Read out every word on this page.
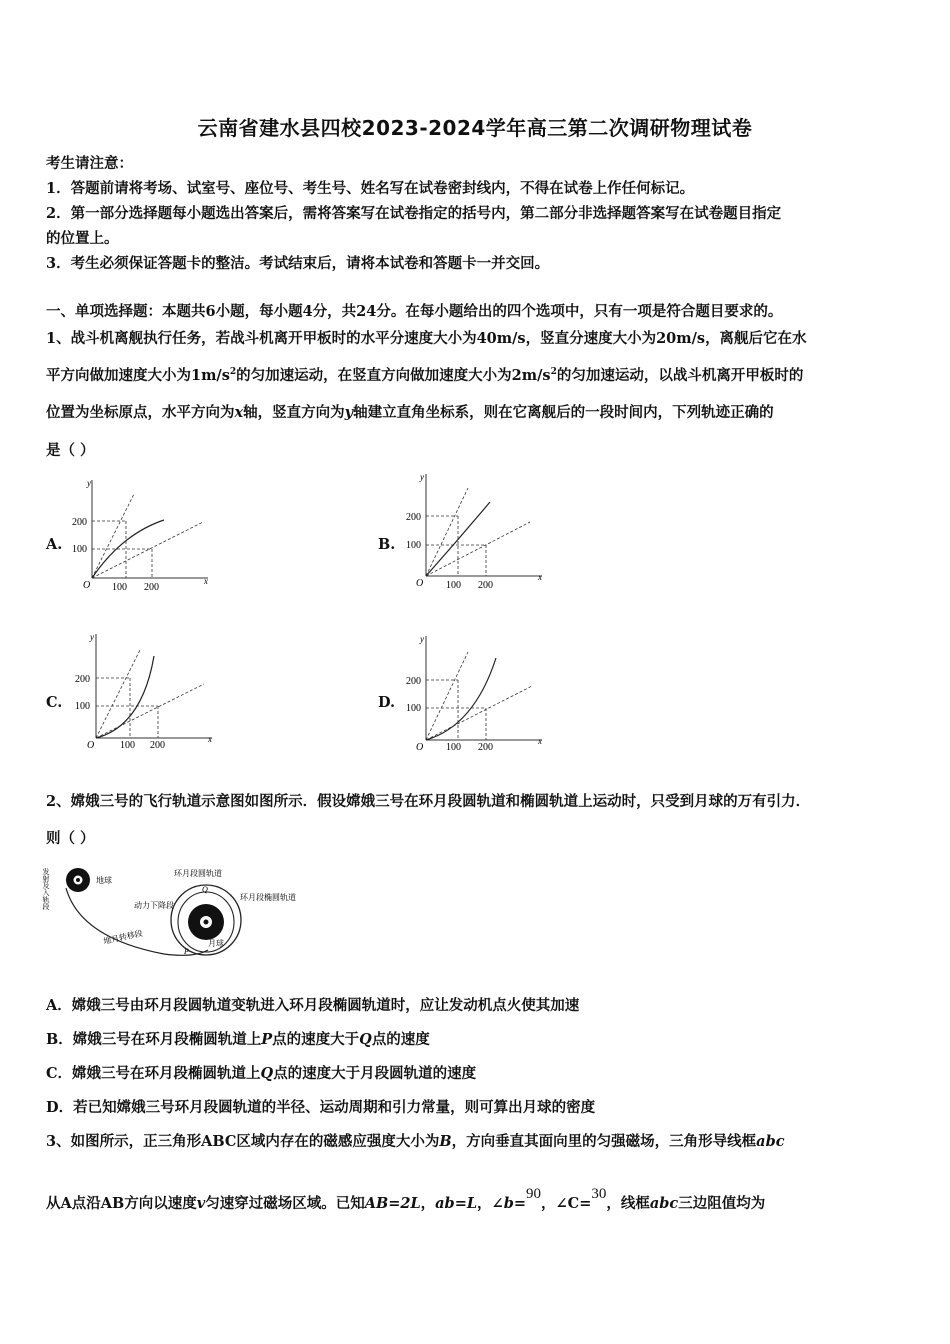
云南省建水县四校2023-2024学年高三第二次调研物理试卷
考生请注意：
1．答题前请将考场、试室号、座位号、考生号、姓名写在试卷密封线内，不得在试卷上作任何标记。
2．第一部分选择题每小题选出答案后，需将答案写在试卷指定的括号内，第二部分非选择题答案写在试卷题目指定
的位置上。
3．考生必须保证答题卡的整洁。考试结束后，请将本试卷和答题卡一并交回。
一、单项选择题：本题共6小题，每小题4分，共24分。在每小题给出的四个选项中，只有一项是符合题目要求的。
1、战斗机离舰执行任务，若战斗机离开甲板时的水平分速度大小为40m/s，竖直分速度大小为20m/s，离舰后它在水
平方向做加速度大小为$1m/s^2$的匀加速运动，在竖直方向做加速度大小为$2m/s^2$的匀加速运动，以战斗机离开甲板时的
位置为坐标原点，水平方向为x轴，竖直方向为y轴建立直角坐标系，则在它离舰后的一段时间内，下列轨迹正确的
是（ ）
A.	B.
C.	D.
y
x
O
200
100
100 200
y
x
O
200
100
100 200
y
x
O
200
100
100 200
y
x
O
200
100
100 200
2、嫦娥三号的飞行轨道示意图如图所示．假设嫦娥三号在环月段圆轨道和椭圆轨道上运动时，只受到月球的万有引力．
则（ ）
发射及入轨段	地球
地月转移段
环月段圆轨道
环月段椭圆轨道
动力下降段
月球
Q
P
A．嫦娥三号由环月段圆轨道变轨进入环月段椭圆轨道时，应让发动机点火使其加速
B．嫦娥三号在环月段椭圆轨道上P点的速度大于Q点的速度
C．嫦娥三号在环月段椭圆轨道上Q点的速度大于月段圆轨道的速度
D．若已知嫦娥三号环月段圆轨道的半径、运动周期和引力常量，则可算出月球的密度
3、如图所示，正三角形ABC区域内存在的磁感应强度大小为B，方向垂直其面向里的匀强磁场，三角形导线框abc
从A点沿AB方向以速度v匀速穿过磁场区域。已知AB=2L，ab=L，∠b=90，∠C=30，线框abc三边阻值均为
